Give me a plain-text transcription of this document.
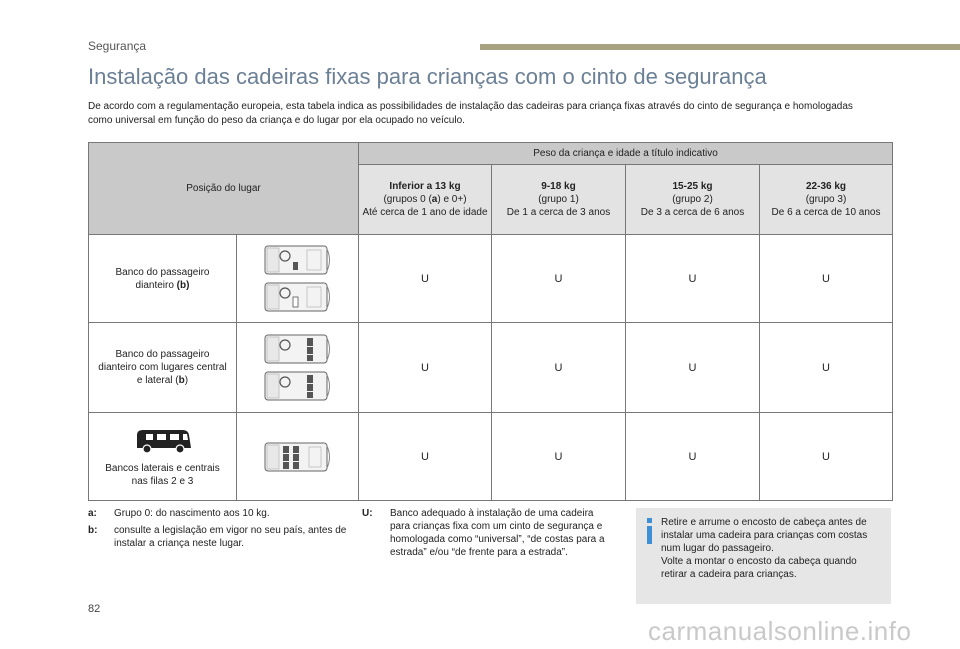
Segurança
Instalação das cadeiras fixas para crianças com o cinto de segurança

De acordo com a regulamentação europeia, esta tabela indica as possibilidades de instalação das cadeiras para criança fixas através do cinto de segurança e homologadas como universal em função do peso da criança e do lugar por ela ocupado no veículo.

Posição do lugar		Peso da criança e idade a título indicativo			
		Inferior a 13 kg
(grupos 0 (a) e 0+)
Até cerca de 1 ano de idade	9-18 kg
(grupo 1)
De 1 a cerca de 3 anos	15-25 kg
(grupo 2)
De 3 a cerca de 6 anos	22-36 kg
(grupo 3)
De 6 a cerca de 10 anos
Banco do passageiro dianteiro (b)		U	U	U	U
Banco do passageiro dianteiro com lugares central e lateral (b)		U	U	U	U

Bancos laterais e centrais nas filas 2 e 3		U	U	U	U
a:	Grupo 0: do nascimento aos 10 kg.
b:	consulte a legislação em vigor no seu país, antes de instalar a criança neste lugar.
U:	Banco adequado à instalação de uma cadeira para crianças fixa com um cinto de segurança e homologada como “universal”, “de costas para a estrada” e/ou “de frente para a estrada”.
Retire e arrume o encosto de cabeça antes de instalar uma cadeira para crianças com costas num lugar do passageiro.
Volte a montar o encosto da cabeça quando retirar a cadeira para crianças.
82
carmanualsonline.info
